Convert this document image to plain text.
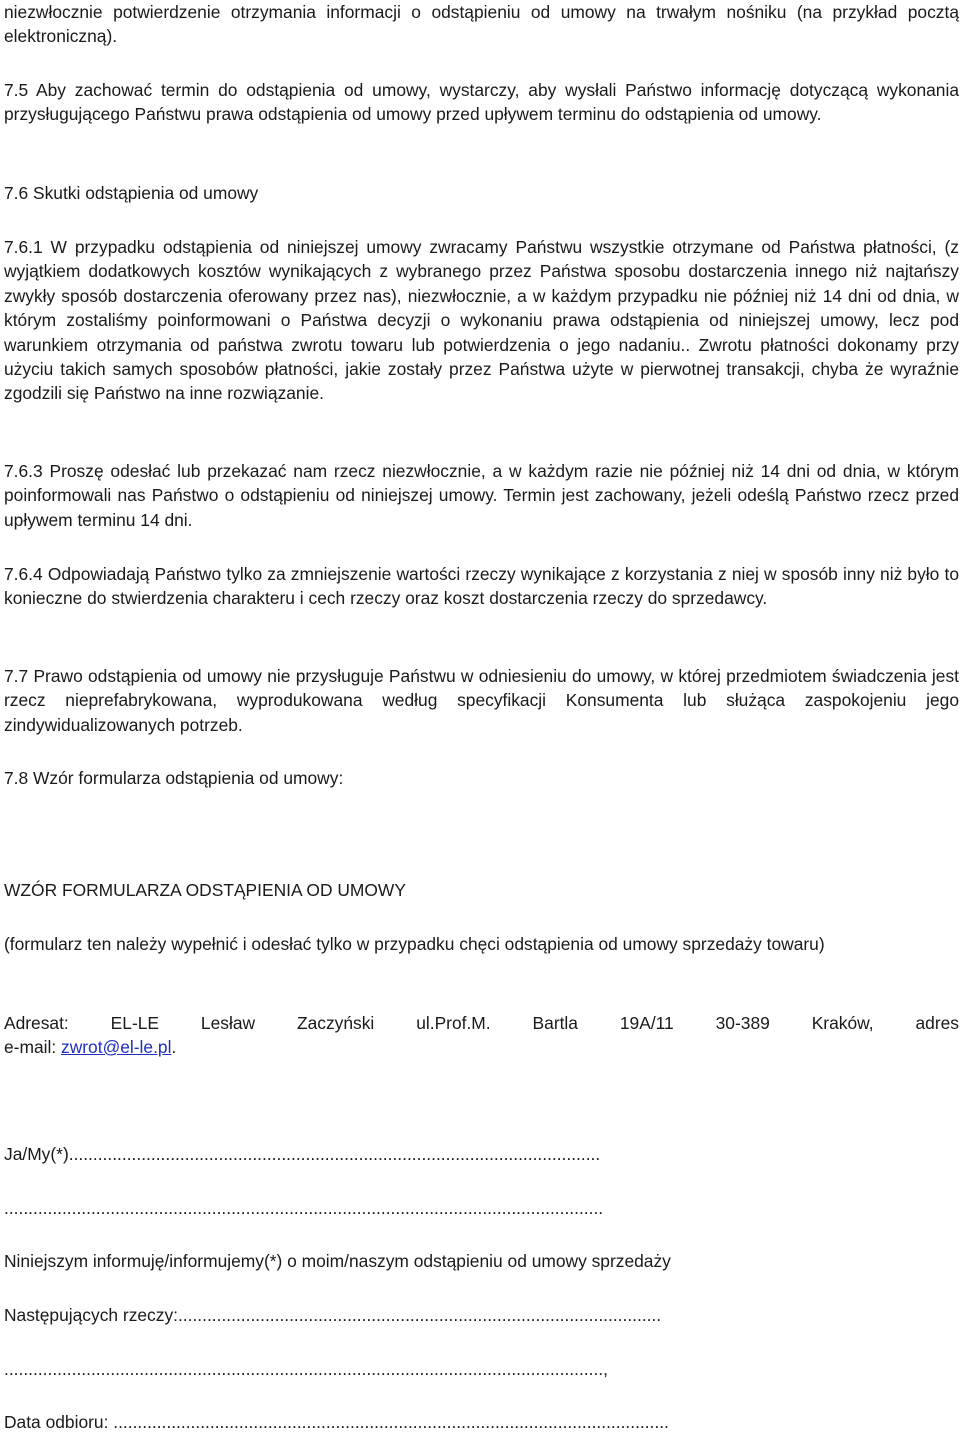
niezwłocznie potwierdzenie otrzymania informacji o odstąpieniu od umowy na trwałym nośniku (na przykład pocztą elektroniczną).

7.5 Aby zachować termin do odstąpienia od umowy, wystarczy, aby wysłali Państwo informację dotyczącą wykonania przysługującego Państwu prawa odstąpienia od umowy przed upływem terminu do odstąpienia od umowy.

7.6 Skutki odstąpienia od umowy

7.6.1 W przypadku odstąpienia od niniejszej umowy zwracamy Państwu wszystkie otrzymane od Państwa płatności, (z wyjątkiem dodatkowych kosztów wynikających z wybranego przez Państwa sposobu dostarczenia innego niż najtańszy zwykły sposób dostarczenia oferowany przez nas), niezwłocznie, a w każdym przypadku nie później niż 14 dni od dnia, w którym zostaliśmy poinformowani o Państwa decyzji o wykonaniu prawa odstąpienia od niniejszej umowy, lecz pod warunkiem otrzymania od państwa zwrotu towaru lub potwierdzenia o jego nadaniu.. Zwrotu płatności dokonamy przy użyciu takich samych sposobów płatności, jakie zostały przez Państwa użyte w pierwotnej transakcji, chyba że wyraźnie zgodzili się Państwo na inne rozwiązanie.

7.6.3 Proszę odesłać lub przekazać nam rzecz niezwłocznie, a w każdym razie nie później niż 14 dni od dnia, w którym poinformowali nas Państwo o odstąpieniu od niniejszej umowy. Termin jest zachowany, jeżeli odeślą Państwo rzecz przed upływem terminu 14 dni.

7.6.4 Odpowiadają Państwo tylko za zmniejszenie wartości rzeczy wynikające z korzystania z niej w sposób inny niż było to konieczne do stwierdzenia charakteru i cech rzeczy oraz koszt dostarczenia rzeczy do sprzedawcy.

7.7 Prawo odstąpienia od umowy nie przysługuje Państwu w odniesieniu do umowy, w której przedmiotem świadczenia jest rzecz nieprefabrykowana, wyprodukowana według specyfikacji Konsumenta lub służąca zaspokojeniu jego zindywidualizowanych potrzeb.

7.8 Wzór formularza odstąpienia od umowy:

WZÓR FORMULARZA ODSTĄPIENIA OD UMOWY

(formularz ten należy wypełnić i odesłać tylko w przypadku chęci odstąpienia od umowy sprzedaży towaru)

Adresat: EL-LE Lesław Zaczyński ul.Prof.M. Bartla 19A/11 30-389 Kraków, adres

e-mail: zwrot@el-le.pl.

Ja/My(*)..............................................................................................................

............................................................................................................................

Niniejszym informuję/informujemy(*) o moim/naszym odstąpieniu od umowy sprzedaży

Następujących rzeczy:....................................................................................................

............................................................................................................................,

Data odbioru: ...................................................................................................................
